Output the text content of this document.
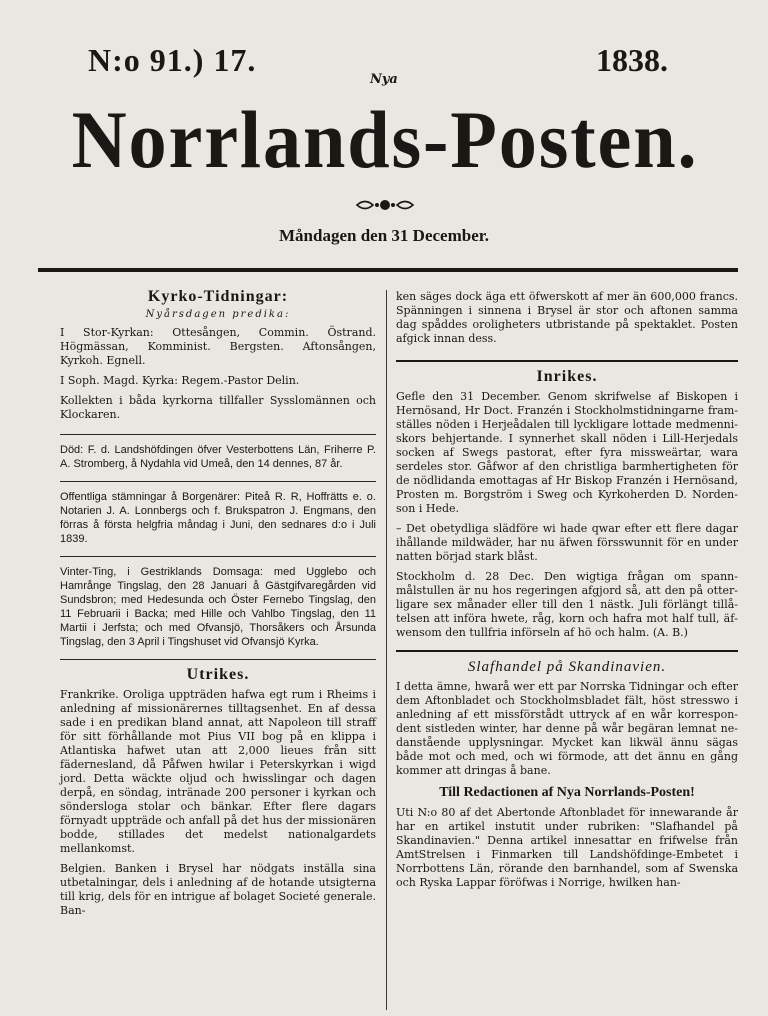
N:o 91.) 17.
Nya
1838.
Norrlands-Posten.
Måndagen den 31 December.
Kyrko-Tidningar:
Nyårsdagen predika:

I Stor-Kyrkan: Ottesången, Commin. Östrand. Högmässan, Komminist. Bergsten. Aftonsången, Kyrkoh. Egnell.

I Soph. Magd. Kyrka: Regem.-Pastor Delin.

Kollekten i båda kyrkorna tillfaller Sysslomännen och Klockaren.

Död: F. d. Landshöfdingen öfver Vesterbottens Län, Friherre P. A. Stromberg, å Nydahla vid Umeå, den 14 dennes, 87 år.

Offentliga stämningar å Borgenärer: Piteå R. R, Hoffrätts e. o. Notarien J. A. Lonnbergs och f. Brukspatron J. Engmans, den förras å första helgfria måndag i Juni, den sednares d:o i Juli 1839.

Vinter-Ting, i Gestriklands Domsaga: med Ugglebo och Hamrånge Tingslag, den 28 Januari å Gästgifvaregården vid Sundsbron; med Hedesunda och Öster Fernebo Tingslag, den 11 Februarii i Backa; med Hille och Vahlbo Tingslag, den 11 Martii i Jerfsta; och med Ofvansjö, Thorsåkers och Årsunda Tingslag, den 3 April i Tingshuset vid Ofvansjö Kyrka.

Utrikes.

Frankrike. Oroliga uppträden hafwa egt rum i Rheims i anledning af missionärernes tilltagsenhet. En af dessa sade i en predikan bland annat, att Napoleon till straff för sitt förhållande mot Pius VII bog på en klippa i Atlantiska hafwet utan att 2,000 lieues från sitt fädernesland, då Påfwen hwilar i Peterskyrkan i wigd jord. Detta wäckte oljud och hwisslingar och dagen derpå, en söndag, intränade 200 personer i kyrkan och söndersloga stolar och bänkar. Efter flere dagars förnyadt uppträde och anfall på det hus der missionären bodde, stillades det medelst nationalgardets mellankomst.

Belgien. Banken i Brysel har nödgats inställa sina utbetalningar, dels i anledning af de hotande utsigterna till krig, dels för en intrigue af bolaget Societé generale. Ban-

ken säges dock äga ett öfwerskott af mer än 600,000 francs. Spänningen i sinnena i Brysel är stor och aftonen samma dag spåddes oroligheters utbristande på spektaklet. Posten afgick innan dess.

Inrikes.

Gefle den 31 December. Genom skrifwelse af Biskopen i Hernösand, Hr Doct. Franzén i Stockholmstidningarne framställes nöden i Herjeådalen till lyckligare lottade medmenniskors behjertande. I synnerhet skall nöden i Lill-Herjedals socken af Swegs pastorat, efter fyra missweärtar, wara serdeles stor. Gåfwor af den christliga barmhertigheten för de nödlidanda emottagas af Hr Biskop Franzén i Hernösand, Prosten m. Borgström i Sweg och Kyrkoherden D. Nordenson i Hede.

– Det obetydliga slädföre wi hade qwar efter ett flere dagar ihållande mildwäder, har nu äfwen försswunnit för en under natten börjad stark blåst.

Stockholm d. 28 Dec. Den wigtiga frågan om spannmålstullen är nu hos regeringen afgjord så, att den på otterligare sex månader eller till den 1 nästk. Juli förlängt tillåtelsen att införa hwete, råg, korn och hafra mot half tull, äfwensom den tullfria införseln af hö och halm. (A. B.)

Slafhandel på Skandinavien.

I detta ämne, hwarå wer ett par Norrska Tidningar och efter dem Aftonbladet och Stockholmsbladet fält, höst stresswo i anledning af ett missförstådt uttryck af en wår korrespondent sistleden winter, har denne på wår begäran lemnat nedanstående upplysningar. Mycket kan likwäl ännu sägas både mot och med, och wi förmode, att det ännu en gång kommer att dringas å bane.

Till Redactionen af Nya Norrlands-Posten!

Uti N:o 80 af det Abertonde Aftonbladet för innewarande år har en artikel instutit under rubriken: "Slafhandel på Skandinavien." Denna artikel innesattar en frifwelse från AmtStrelsen i Finmarken till Landshöfdinge-Embetet i Norrbottens Län, rörande den barnhandel, som af Swenska och Ryska Lappar föröfwas i Norrige, hwilken han-
